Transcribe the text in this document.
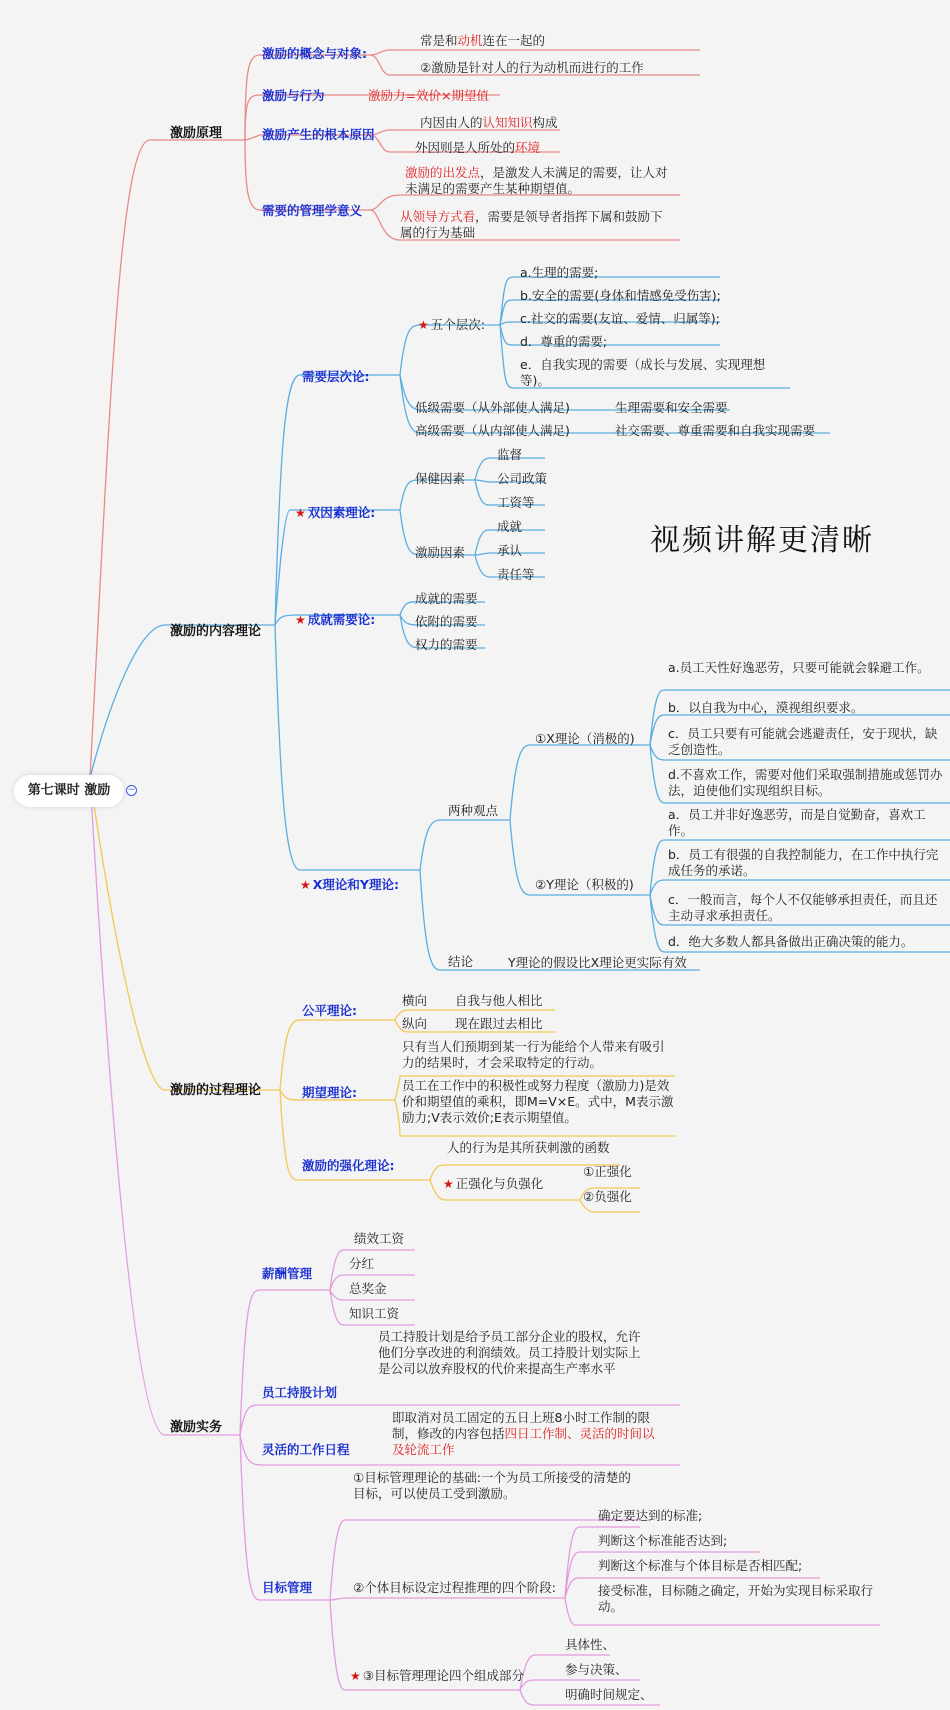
视频讲解更清晰
第七课时 激励	−
激励原理
激励的概念与对象:
常是和动机连在一起的
②激励是针对人的行为动机而进行的工作
激励与行为	激励力=效价×期望值
激励产生的根本原因
内因由人的认知知识构成
外因则是人所处的环境
需要的管理学意义
激励的出发点，是激发人未满足的需要，让人对未满足的需要产生某种期望值。
从领导方式看，需要是领导者指挥下属和鼓励下属的行为基础
激励的内容理论
需要层次论:
★ 五个层次:
a.生理的需要;
b.安全的需要(身体和情感免受伤害);
c.社交的需要(友谊、爱情、归属等);
d．尊重的需要;
e．自我实现的需要（成长与发展、实现理想等)。
低级需要（从外部使人满足)	生理需要和安全需要
高级需要（从内部使人满足)	社交需要、尊重需要和自我实现需要
★ 双因素理论:
保健因素
监督
公司政策
工资等
激励因素
成就
承认
责任等
★ 成就需要论:
成就的需要
依附的需要
权力的需要
★ X理论和Y理论:
两种观点
①X理论（消极的)
a.员工天性好逸恶劳，只要可能就会躲避工作。
b．以自我为中心，漠视组织要求。
c．员工只要有可能就会逃避责任，安于现状，缺乏创造性。
d.不喜欢工作，需要对他们采取强制措施或惩罚办法，迫使他们实现组织目标。
②Y理论（积极的)
a．员工并非好逸恶劳，而是自觉勤奋，喜欢工作。
b．员工有很强的自我控制能力，在工作中执行完成任务的承诺。
c．一般而言，每个人不仅能够承担责任，而且还主动寻求承担责任。
d．绝大多数人都具备做出正确决策的能力。
结论	Y理论的假设比X理论更实际有效
激励的过程理论
公平理论:
横向 自我与他人相比
纵向 现在跟过去相比
期望理论:
只有当人们预期到某一行为能给个人带来有吸引力的结果时，才会采取特定的行动。
员工在工作中的积极性或努力程度（激励力)是效价和期望值的乘积，即M=V×E。式中，M表示激励力;V表示效价;E表示期望值。
激励的强化理论:
人的行为是其所获刺激的函数
★ 正强化与负强化
①正强化
②负强化
激励实务
薪酬管理
绩效工资
分红
总奖金
知识工资
员工持股计划
员工持股计划是给予员工部分企业的股权，允许他们分享改进的利润绩效。员工持股计划实际上是公司以放弃股权的代价来提高生产率水平
灵活的工作日程
即取消对员工固定的五日上班8小时工作制的限制，修改的内容包括四日工作制、灵活的时间以及轮流工作
目标管理
①目标管理理论的基础:一个为员工所接受的清楚的目标，可以使员工受到激励。
②个体目标设定过程推理的四个阶段:
确定要达到的标准;
判断这个标准能否达到;
判断这个标准与个体目标是否相匹配;
接受标准，目标随之确定，开始为实现目标采取行动。
★ ③目标管理理论四个组成部分
具体性、
参与决策、
明确时间规定、
